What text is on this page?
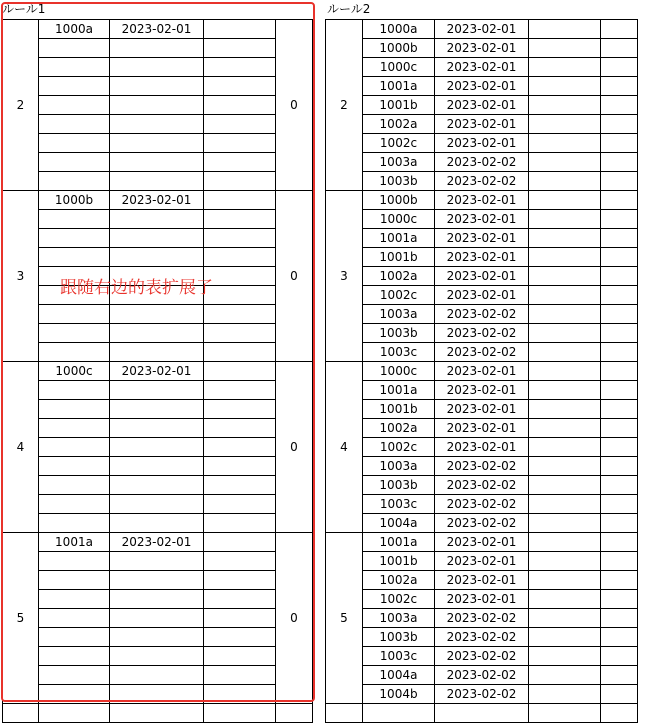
ルール1	ルール2
2	1000a	2023-02-01		0

3	1000b	2023-02-01		0

4	1000c	2023-02-01		0

5	1001a	2023-02-01		0

2	1000a	2023-02-01		
	1000b	2023-02-01		
	1000c	2023-02-01		
	1001a	2023-02-01		
	1001b	2023-02-01		
	1002a	2023-02-01		
	1002c	2023-02-01		
	1003a	2023-02-02		
	1003b	2023-02-02		
3	1000b	2023-02-01		
	1000c	2023-02-01		
	1001a	2023-02-01		
	1001b	2023-02-01		
	1002a	2023-02-01		
	1002c	2023-02-01		
	1003a	2023-02-02		
	1003b	2023-02-02		
	1003c	2023-02-02		
4	1000c	2023-02-01		
	1001a	2023-02-01		
	1001b	2023-02-01		
	1002a	2023-02-01		
	1002c	2023-02-01		
	1003a	2023-02-02		
	1003b	2023-02-02		
	1003c	2023-02-02		
	1004a	2023-02-02		
5	1001a	2023-02-01		
	1001b	2023-02-01		
	1002a	2023-02-01		
	1002c	2023-02-01		
	1003a	2023-02-02		
	1003b	2023-02-02		
	1003c	2023-02-02		
	1004a	2023-02-02		
	1004b	2023-02-02		

跟随右边的表扩展了
